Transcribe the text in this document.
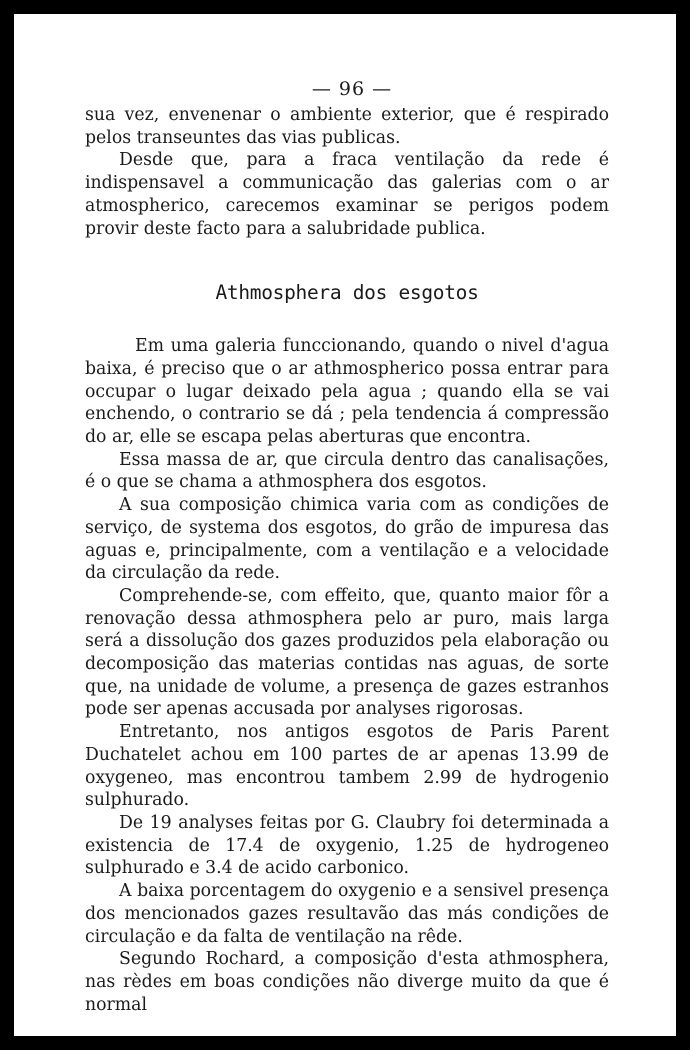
— 96 —

sua vez, envenenar o ambiente exterior, que é respirado pelos transeuntes das vias publicas.

Desde que, para a fraca ventilação da rede é indispensavel a communicação das galerias com o ar atmospherico, carecemos examinar se perigos podem provir deste facto para a salubridade publica.

Athmosphera dos esgotos

Em uma galeria funccionando, quando o nivel d'agua baixa, é preciso que o ar athmospherico possa entrar para occupar o lugar deixado pela agua ; quando ella se vai enchendo, o contrario se dá ; pela tendencia á compressão do ar, elle se escapa pelas aberturas que encontra.

Essa massa de ar, que circula dentro das canalisações, é o que se chama a athmosphera dos esgotos.

A sua composição chimica varia com as condições de serviço, de systema dos esgotos, do grão de impuresa das aguas e, principalmente, com a ventilação e a velocidade da circulação da rede.

Comprehende-se, com effeito, que, quanto maior fôr a renovação dessa athmosphera pelo ar puro, mais larga será a dissolução dos gazes produzidos pela elaboração ou decomposição das materias contidas nas aguas, de sorte que, na unidade de volume, a presença de gazes estranhos pode ser apenas accusada por analyses rigorosas.

Entretanto, nos antigos esgotos de Paris Parent Duchatelet achou em 100 partes de ar apenas 13.99 de oxygeneo, mas encontrou tambem 2.99 de hydrogenio sulphurado.

De 19 analyses feitas por G. Claubry foi determinada a existencia de 17.4 de oxygenio, 1.25 de hydrogeneo sulphurado e 3.4 de acido carbonico.

A baixa porcentagem do oxygenio e a sensivel presença dos mencionados gazes resultavão das más condições de circulação e da falta de ventilação na rêde.

Segundo Rochard, a composição d'esta athmosphera, nas rèdes em boas condições não diverge muito da que é normal
